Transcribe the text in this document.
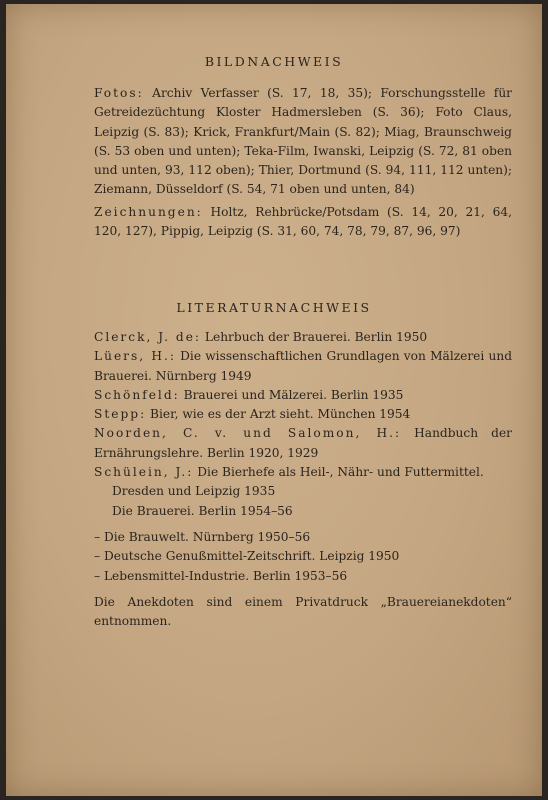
BILDNACHWEIS

Fotos: Archiv Verfasser (S. 17, 18, 35); Forschungsstelle für Getreidezüchtung Kloster Hadmersleben (S. 36); Foto Claus, Leipzig (S. 83); Krick, Frankfurt/Main (S. 82); Miag, Braunschweig (S. 53 oben und unten); Teka-Film, Iwanski, Leipzig (S. 72, 81 oben und unten, 93, 112 oben); Thier, Dortmund (S. 94, 111, 112 unten); Ziemann, Düsseldorf (S. 54, 71 oben und unten, 84)

Zeichnungen: Holtz, Rehbrücke/Potsdam (S. 14, 20, 21, 64, 120, 127), Pippig, Leipzig (S. 31, 60, 74, 78, 79, 87, 96, 97)

LITERATURNACHWEIS

Clerck, J. de: Lehrbuch der Brauerei. Berlin 1950

Lüers, H.: Die wissenschaftlichen Grundlagen von Mälzerei und Brauerei. Nürnberg 1949

Schönfeld: Brauerei und Mälzerei. Berlin 1935

Stepp: Bier, wie es der Arzt sieht. München 1954

Noorden, C. v. und Salomon, H.: Handbuch der Ernährungslehre. Berlin 1920, 1929

Schülein, J.: Die Bierhefe als Heil-, Nähr- und Futtermittel.
Dresden und Leipzig 1935
Die Brauerei. Berlin 1954–56

– Die Brauwelt. Nürnberg 1950–56

– Deutsche Genußmittel-Zeitschrift. Leipzig 1950

– Lebensmittel-Industrie. Berlin 1953–56

Die Anekdoten sind einem Privatdruck „Brauereianekdoten“ entnommen.
